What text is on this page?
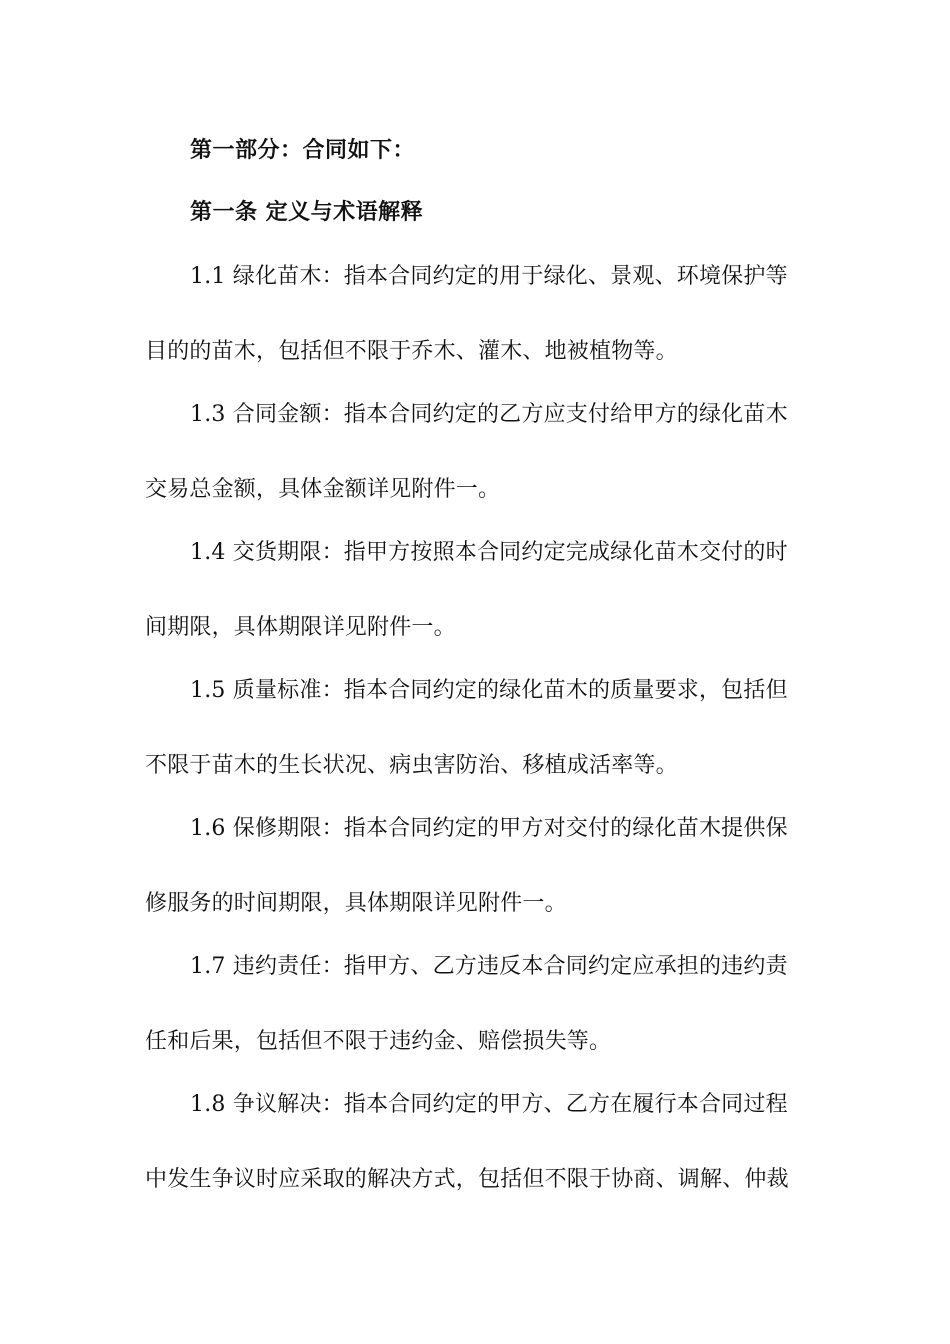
第一部分：合同如下：
第一条 定义与术语解释
1.1 绿化苗木：指本合同约定的用于绿化、景观、环境保护等
目的的苗木，包括但不限于乔木、灌木、地被植物等。
1.3 合同金额：指本合同约定的乙方应支付给甲方的绿化苗木
交易总金额，具体金额详见附件一。
1.4 交货期限：指甲方按照本合同约定完成绿化苗木交付的时
间期限，具体期限详见附件一。
1.5 质量标准：指本合同约定的绿化苗木的质量要求，包括但
不限于苗木的生长状况、病虫害防治、移植成活率等。
1.6 保修期限：指本合同约定的甲方对交付的绿化苗木提供保
修服务的时间期限，具体期限详见附件一。
1.7 违约责任：指甲方、乙方违反本合同约定应承担的违约责
任和后果，包括但不限于违约金、赔偿损失等。
1.8 争议解决：指本合同约定的甲方、乙方在履行本合同过程
中发生争议时应采取的解决方式，包括但不限于协商、调解、仲裁
